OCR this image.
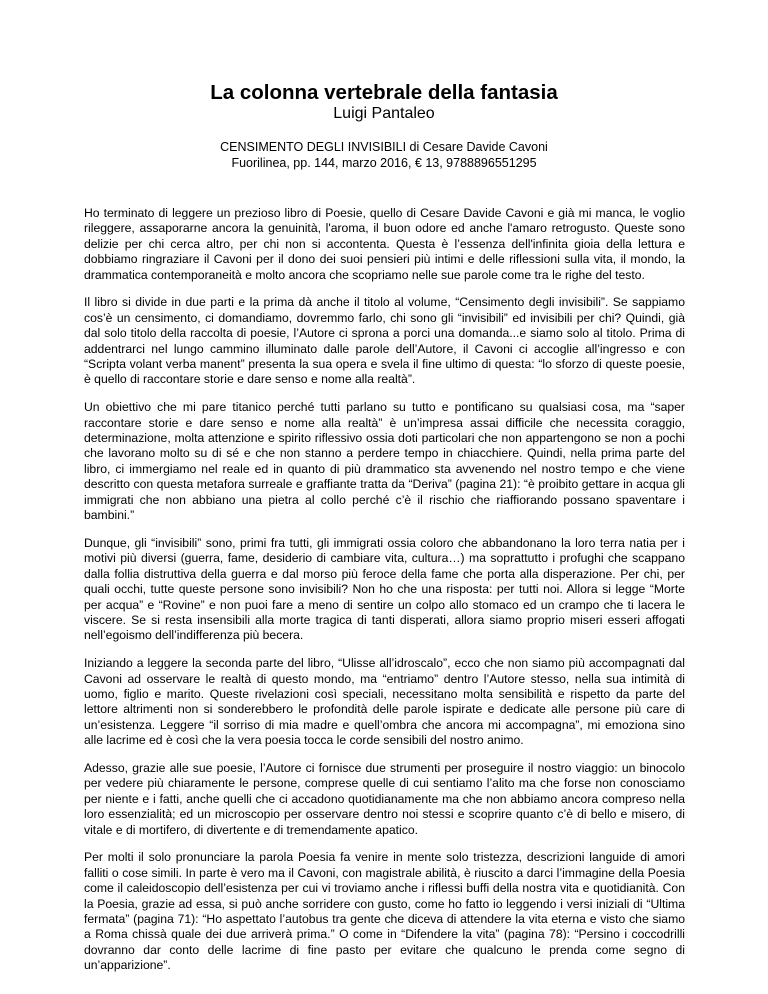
La colonna vertebrale della fantasia
Luigi Pantaleo
CENSIMENTO DEGLI INVISIBILI di Cesare Davide Cavoni
Fuorilinea, pp. 144, marzo 2016, € 13, 9788896551295

Ho terminato di leggere un prezioso libro di Poesie, quello di Cesare Davide Cavoni e già mi manca, le voglio rileggere, assaporarne ancora la genuinità, l'aroma, il buon odore ed anche l'amaro retrogusto. Queste sono delizie per chi cerca altro, per chi non si accontenta. Questa è l’essenza dell'infinita gioia della lettura e dobbiamo ringraziare il Cavoni per il dono dei suoi pensieri più intimi e delle riflessioni sulla vita, il mondo, la drammatica contemporaneità e molto ancora che scopriamo nelle sue parole come tra le righe del testo.

Il libro si divide in due parti e la prima dà anche il titolo al volume, “Censimento degli invisibili”. Se sappiamo cos’è un censimento, ci domandiamo, dovremmo farlo, chi sono gli “invisibili” ed invisibili per chi? Quindi, già dal solo titolo della raccolta di poesie, l’Autore ci sprona a porci una domanda...e siamo solo al titolo. Prima di addentrarci nel lungo cammino illuminato dalle parole dell’Autore, il Cavoni ci accoglie all’ingresso e con “Scripta volant verba manent” presenta la sua opera e svela il fine ultimo di questa: “lo sforzo di queste poesie, è quello di raccontare storie e dare senso e nome alla realtà”.

Un obiettivo che mi pare titanico perché tutti parlano su tutto e pontificano su qualsiasi cosa, ma “saper raccontare storie e dare senso e nome alla realtà” è un’impresa assai difficile che necessita coraggio, determinazione, molta attenzione e spirito riflessivo ossia doti particolari che non appartengono se non a pochi che lavorano molto su di sé e che non stanno a perdere tempo in chiacchiere. Quindi, nella prima parte del libro, ci immergiamo nel reale ed in quanto di più drammatico sta avvenendo nel nostro tempo e che viene descritto con questa metafora surreale e graffiante tratta da “Deriva” (pagina 21): “è proibito gettare in acqua gli immigrati che non abbiano una pietra al collo perché c’è il rischio che riaffiorando possano spaventare i bambini.”

Dunque, gli “invisibili” sono, primi fra tutti, gli immigrati ossia coloro che abbandonano la loro terra natia per i motivi più diversi (guerra, fame, desiderio di cambiare vita, cultura…) ma soprattutto i profughi che scappano dalla follia distruttiva della guerra e dal morso più feroce della fame che porta alla disperazione. Per chi, per quali occhi, tutte queste persone sono invisibili? Non ho che una risposta: per tutti noi. Allora si legge “Morte per acqua” e “Rovine” e non puoi fare a meno di sentire un colpo allo stomaco ed un crampo che ti lacera le viscere. Se si resta insensibili alla morte tragica di tanti disperati, allora siamo proprio miseri esseri affogati nell’egoismo dell’indifferenza più becera.

Iniziando a leggere la seconda parte del libro, “Ulisse all’idroscalo”, ecco che non siamo più accompagnati dal Cavoni ad osservare le realtà di questo mondo, ma “entriamo” dentro l’Autore stesso, nella sua intimità di uomo, figlio e marito. Queste rivelazioni così speciali, necessitano molta sensibilità e rispetto da parte del lettore altrimenti non si sonderebbero le profondità delle parole ispirate e dedicate alle persone più care di un’esistenza. Leggere “il sorriso di mia madre e quell’ombra che ancora mi accompagna”, mi emoziona sino alle lacrime ed è così che la vera poesia tocca le corde sensibili del nostro animo.

Adesso, grazie alle sue poesie, l’Autore ci fornisce due strumenti per proseguire il nostro viaggio: un binocolo per vedere più chiaramente le persone, comprese quelle di cui sentiamo l’alito ma che forse non conosciamo per niente e i fatti, anche quelli che ci accadono quotidianamente ma che non abbiamo ancora compreso nella loro essenzialità; ed un microscopio per osservare dentro noi stessi e scoprire quanto c’è di bello e misero, di vitale e di mortifero, di divertente e di tremendamente apatico.

Per molti il solo pronunciare la parola Poesia fa venire in mente solo tristezza, descrizioni languide di amori falliti o cose simili. In parte è vero ma il Cavoni, con magistrale abilità, è riuscito a darci l’immagine della Poesia come il caleidoscopio dell’esistenza per cui vi troviamo anche i riflessi buffi della nostra vita e quotidianità. Con la Poesia, grazie ad essa, si può anche sorridere con gusto, come ho fatto io leggendo i versi iniziali di “Ultima fermata” (pagina 71): “Ho aspettato l’autobus tra gente che diceva di attendere la vita eterna e visto che siamo a Roma chissà quale dei due arriverà prima.” O come in “Difendere la vita” (pagina 78): “Persino i coccodrilli dovranno dar conto delle lacrime di fine pasto per evitare che qualcuno le prenda come segno di un’apparizione”.
